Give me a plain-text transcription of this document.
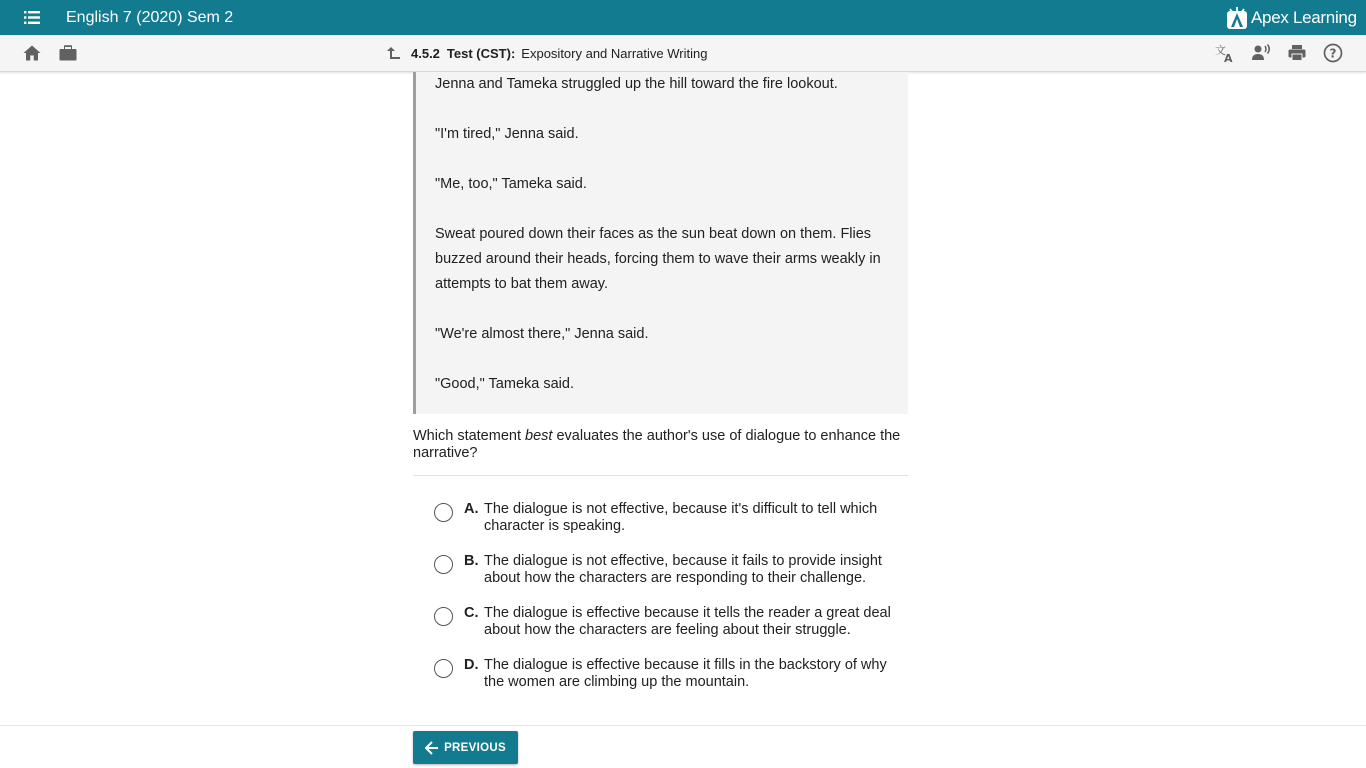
English 7 (2020) Sem 2	Apex Learning
4.5.2 Test (CST): Expository and Narrative Writing	文
A	?

Jenna and Tameka struggled up the hill toward the fire lookout.

"I'm tired," Jenna said.

"Me, too," Tameka said.

Sweat poured down their faces as the sun beat down on them. Flies buzzed around their heads, forcing them to wave their arms weakly in attempts to bat them away.

"We're almost there," Jenna said.

"Good," Tameka said.

Which statement best evaluates the author's use of dialogue to enhance the narrative?
A. The dialogue is not effective, because it's difficult to tell which character is speaking.
B. The dialogue is not effective, because it fails to provide insight about how the characters are responding to their challenge.
C. The dialogue is effective because it tells the reader a great deal about how the characters are feeling about their struggle.
D. The dialogue is effective because it fills in the backstory of why the women are climbing up the mountain.
PREVIOUS
